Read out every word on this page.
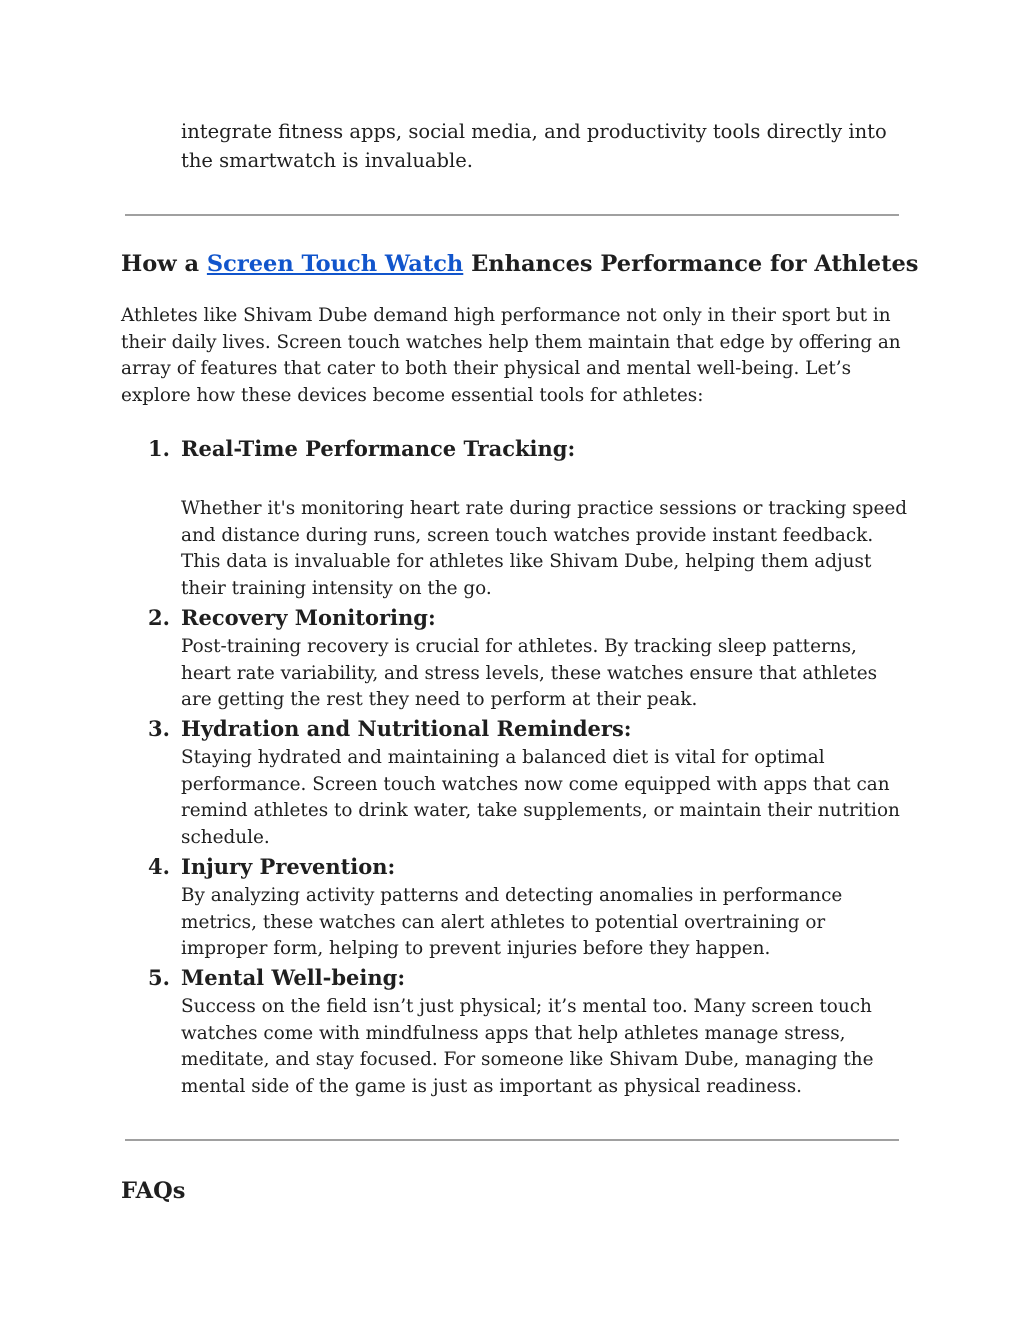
integrate fitness apps, social media, and productivity tools directly into the smartwatch is invaluable.

How a Screen Touch Watch Enhances Performance for Athletes

Athletes like Shivam Dube demand high performance not only in their sport but in their daily lives. Screen touch watches help them maintain that edge by offering an array of features that cater to both their physical and mental well-being. Let’s explore how these devices become essential tools for athletes:

1. Real-Time Performance Tracking:

Whether it's monitoring heart rate during practice sessions or tracking speed and distance during runs, screen touch watches provide instant feedback. This data is invaluable for athletes like Shivam Dube, helping them adjust their training intensity on the go.

2. Recovery Monitoring:

Post-training recovery is crucial for athletes. By tracking sleep patterns, heart rate variability, and stress levels, these watches ensure that athletes are getting the rest they need to perform at their peak.

3. Hydration and Nutritional Reminders:

Staying hydrated and maintaining a balanced diet is vital for optimal performance. Screen touch watches now come equipped with apps that can remind athletes to drink water, take supplements, or maintain their nutrition schedule.

4. Injury Prevention:

By analyzing activity patterns and detecting anomalies in performance metrics, these watches can alert athletes to potential overtraining or improper form, helping to prevent injuries before they happen.

5. Mental Well-being:

Success on the field isn’t just physical; it’s mental too. Many screen touch watches come with mindfulness apps that help athletes manage stress, meditate, and stay focused. For someone like Shivam Dube, managing the mental side of the game is just as important as physical readiness.

FAQs
